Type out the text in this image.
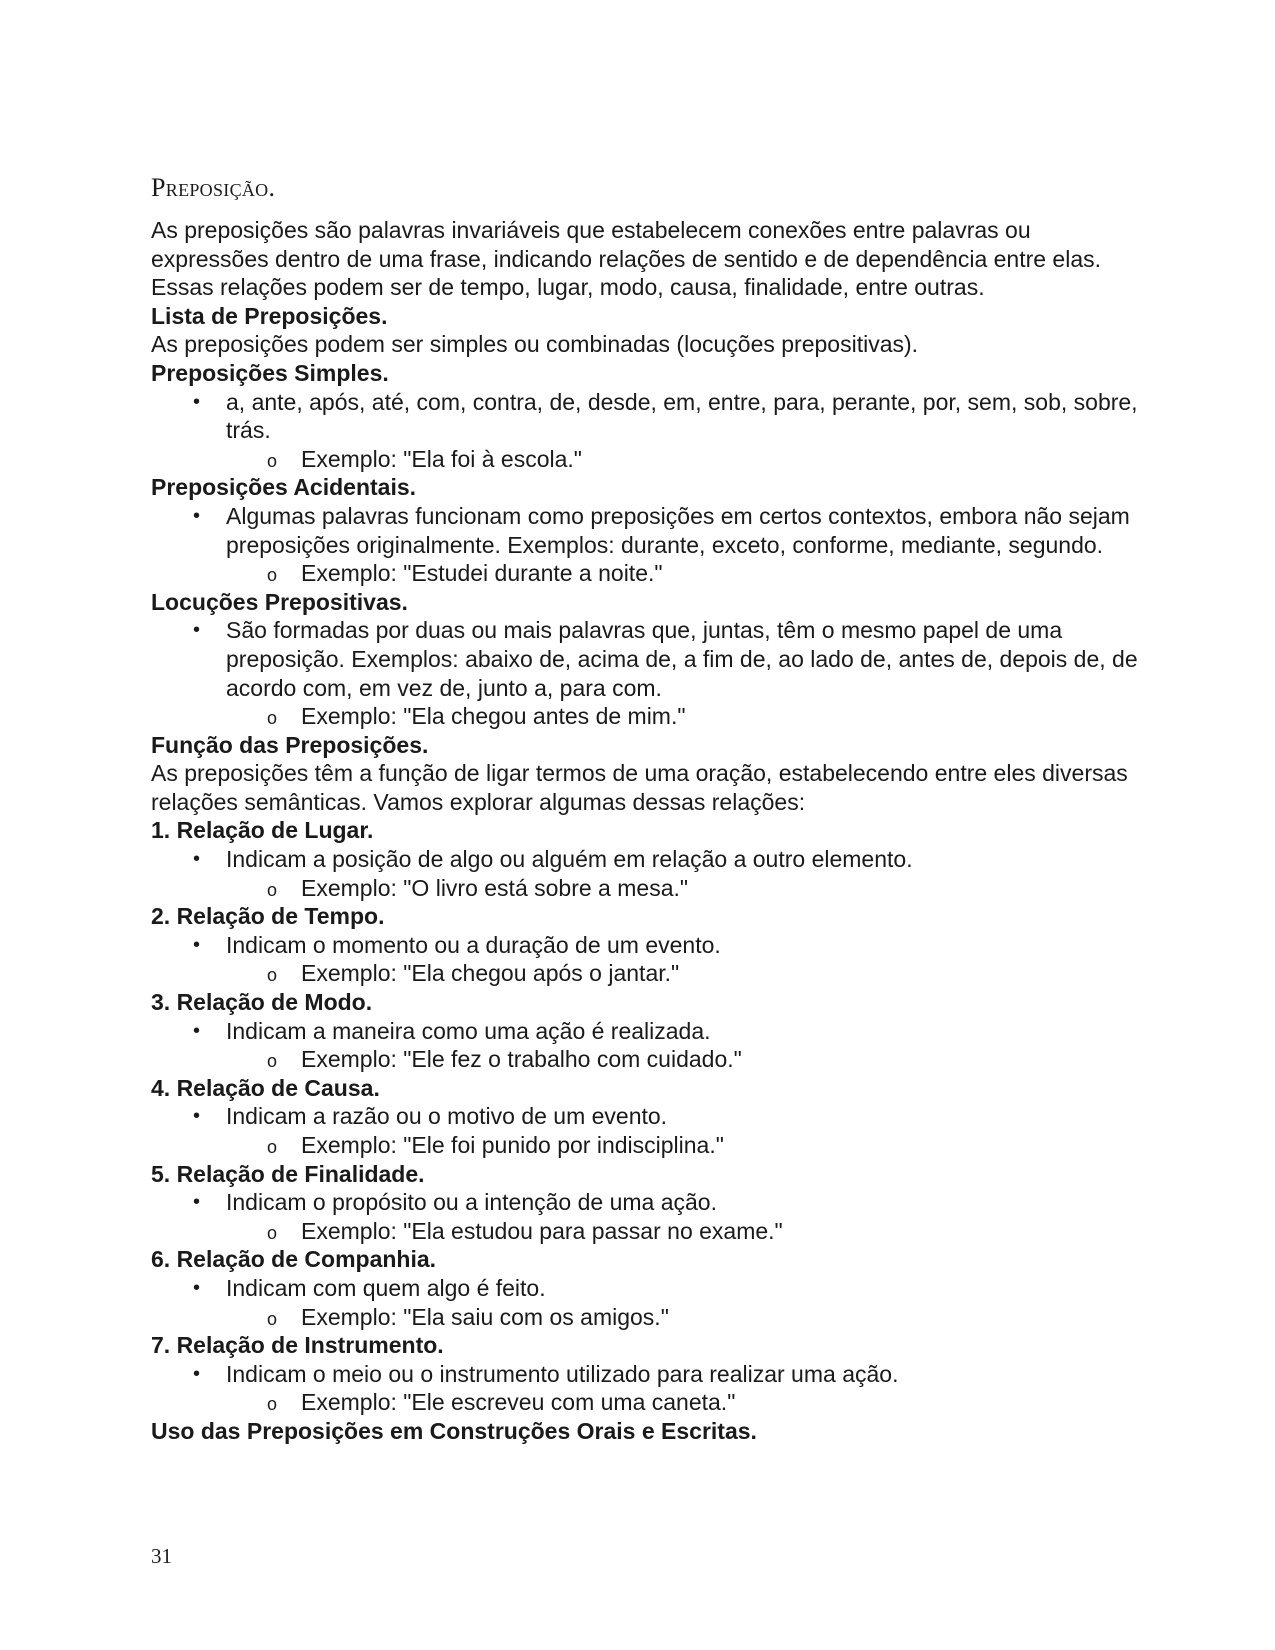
Preposição.

As preposições são palavras invariáveis que estabelecem conexões entre palavras ou expressões dentro de uma frase, indicando relações de sentido e de dependência entre elas. Essas relações podem ser de tempo, lugar, modo, causa, finalidade, entre outras.

Lista de Preposições.

As preposições podem ser simples ou combinadas (locuções prepositivas).

Preposições Simples.

• a, ante, após, até, com, contra, de, desde, em, entre, para, perante, por, sem, sob, sobre, trás.
o Exemplo: "Ela foi à escola."

Preposições Acidentais.

• Algumas palavras funcionam como preposições em certos contextos, embora não sejam preposições originalmente. Exemplos: durante, exceto, conforme, mediante, segundo.
o Exemplo: "Estudei durante a noite."

Locuções Prepositivas.

• São formadas por duas ou mais palavras que, juntas, têm o mesmo papel de uma preposição. Exemplos: abaixo de, acima de, a fim de, ao lado de, antes de, depois de, de acordo com, em vez de, junto a, para com.
o Exemplo: "Ela chegou antes de mim."

Função das Preposições.

As preposições têm a função de ligar termos de uma oração, estabelecendo entre eles diversas relações semânticas. Vamos explorar algumas dessas relações:

1. Relação de Lugar.

• Indicam a posição de algo ou alguém em relação a outro elemento.
o Exemplo: "O livro está sobre a mesa."

2. Relação de Tempo.

• Indicam o momento ou a duração de um evento.
o Exemplo: "Ela chegou após o jantar."

3. Relação de Modo.

• Indicam a maneira como uma ação é realizada.
o Exemplo: "Ele fez o trabalho com cuidado."

4. Relação de Causa.

• Indicam a razão ou o motivo de um evento.
o Exemplo: "Ele foi punido por indisciplina."

5. Relação de Finalidade.

• Indicam o propósito ou a intenção de uma ação.
o Exemplo: "Ela estudou para passar no exame."

6. Relação de Companhia.

• Indicam com quem algo é feito.
o Exemplo: "Ela saiu com os amigos."

7. Relação de Instrumento.

• Indicam o meio ou o instrumento utilizado para realizar uma ação.
o Exemplo: "Ele escreveu com uma caneta."

Uso das Preposições em Construções Orais e Escritas.

31
